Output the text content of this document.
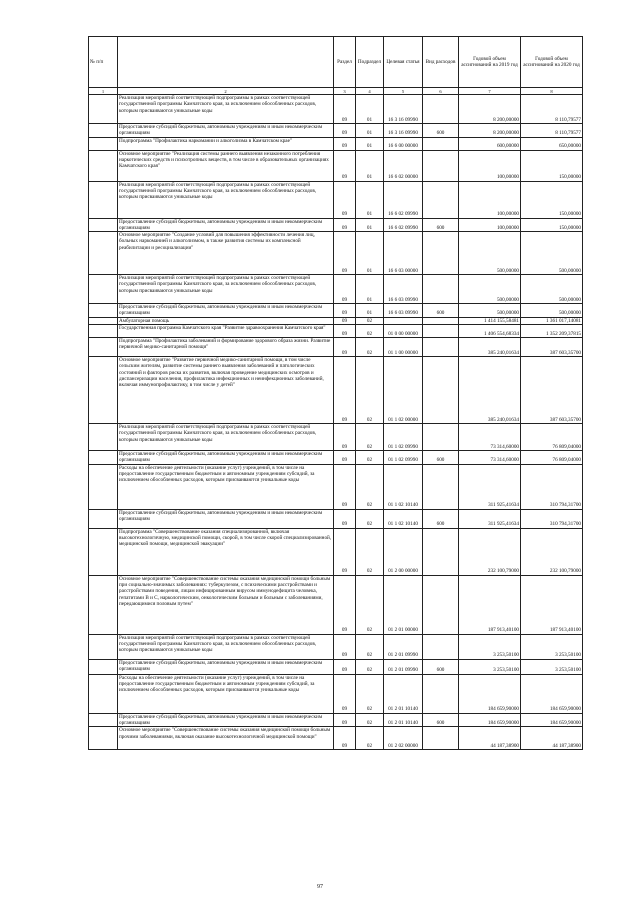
№ п/п	Наименование	Раздел	Подраздел	Целевая статья	Вид расходов	Годовой объем ассигнований на 2019 год	Годовой объем ассигнований на 2020 год
1	2	3	4	5	6	7	8
	Реализация мероприятий соответствующей подпрограммы в рамках соответствующей государственной программы Камчатского края, за исключением обособленных расходов, которым присваиваются уникальные коды	09	01	16 3 16 09990		8 200,00000	8 110,79577
	Предоставление субсидий бюджетным, автономным учреждениям и иным некоммерческим организациям	09	01	16 3 16 09990	600	8 200,00000	8 110,79577
	Подпрограмма "Профилактика наркомании и алкоголизма в Камчатском крае"	09	01	16 6 00 00000		600,00000	650,00000
	Основное мероприятие "Реализация системы раннего выявления незаконного потребления наркотических средств и психотропных веществ, в том числе в образовательных организациях Камчатского края"	09	01	16 6 02 00000		100,00000	150,00000
	Реализация мероприятий соответствующей подпрограммы в рамках соответствующей государственной программы Камчатского края, за исключением обособленных расходов, которым присваиваются уникальные коды	09	01	16 6 02 09990		100,00000	150,00000
	Предоставление субсидий бюджетным, автономным учреждениям и иным некоммерческим организациям	09	01	16 6 02 09990	600	100,00000	150,00000
	Основное мероприятие "Создание условий для повышения эффективности лечения лиц, больных наркоманией и алкоголизмом, в также развития системы их комплексной реабилитации и ресоциализации"	09	01	16 6 03 00000		500,00000	500,00000
	Реализация мероприятий соответствующей подпрограммы в рамках соответствующей государственной программы Камчатского края, за исключением обособленных расходов, которым присваиваются уникальные коды	09	01	16 6 03 09990		500,00000	500,00000
	Предоставление субсидий бюджетным, автономным учреждениям и иным некоммерческим организациям	09	01	16 6 03 09990	600	500,00000	500,00000
	Амбулаторная помощь	09	02			1 414 155,58481	1 361 017,14081
	Государственная программа Камчатского края "Развитие здравоохранения Камчатского края"	09	02	01 0 00 00000		1 406 554,68334	1 352 209,37815
	Подпрограмма "Профилактика заболеваний и формирование здорового образа жизни. Развитие первичной медико-санитарной помощи"	09	02	01 1 00 00000		385 240,01634	387 603,35700
	Основное мероприятие "Развитие первичной медико-санитарной помощи, в том числе сельским жителям, развитие системы раннего выявления заболеваний и патологических состояний и факторов риска их развития, включая проведение медицинских осмотров и диспансеризации населения, профилактика инфекционных и неинфекционных заболеваний, включая иммунопрофилактику, в том числе у детей"	09	02	01 1 02 00000		385 240,01634	387 603,35700
	Реализация мероприятий соответствующей подпрограммы в рамках соответствующей государственной программы Камчатского края, за исключением обособленных расходов, которым присваиваются уникальные коды	09	02	01 1 02 09990		73 314,60000	76 809,04000
	Предоставление субсидий бюджетным, автономным учреждениям и иным некоммерческим организациям	09	02	01 1 02 09990	600	73 314,60000	76 809,04000
	Расходы на обеспечение деятельности (оказание услуг) учреждений, в том числе на предоставление государственным бюджетным и автономным учреждениям субсидий, за исключением обособленных расходов, которым присваиваются уникальные коды	09	02	01 1 02 10140		311 925,41634	310 794,31700
	Предоставление субсидий бюджетным, автономным учреждениям и иным некоммерческим организациям	09	02	01 1 02 10140	600	311 925,41634	310 794,31700
	Подпрограмма "Совершенствование оказания специализированной, включая высокотехнологичную, медицинской помощи, скорой, в том числе скорой специализированной, медицинской помощи, медицинской эвакуации"	09	02	01 2 00 00000		232 100,79000	232 100,79000
	Основное мероприятие "Совершенствование системы оказания медицинской помощи больным при социально-значимых заболеваниях: туберкулезом, с психическими расстройствами и расстройствами поведения, лицам инфицированным вирусом иммунодефицита человека, гепатитами В и С, наркологическим, онкологическим больным и больным с заболеваниями, передающимися половым путем"	09	02	01 2 01 00000		187 913,40100	187 913,40100
	Реализация мероприятий соответствующей подпрограммы в рамках соответствующей государственной программы Камчатского края, за исключением обособленных расходов, которым присваиваются уникальные коды	09	02	01 2 01 09990		3 253,50100	3 253,50100
	Предоставление субсидий бюджетным, автономным учреждениям и иным некоммерческим организациям	09	02	01 2 01 09990	600	3 253,50100	3 253,50100
	Расходы на обеспечение деятельности (оказание услуг) учреждений, в том числе на предоставление государственным бюджетным и автономным учреждениям субсидий, за исключением обособленных расходов, которым присваиваются уникальные коды	09	02	01 2 01 10140		184 659,90000	184 659,90000
	Предоставление субсидий бюджетным, автономным учреждениям и иным некоммерческим организациям	09	02	01 2 01 10140	600	184 659,90000	184 659,90000
	Основное мероприятие "Совершенствование системы оказания медицинской помощи больным прочими заболеваниями, включая оказание высокотехнологичной медицинской помощи"	09	02	01 2 02 00000		44 187,38900	44 187,38900
97
